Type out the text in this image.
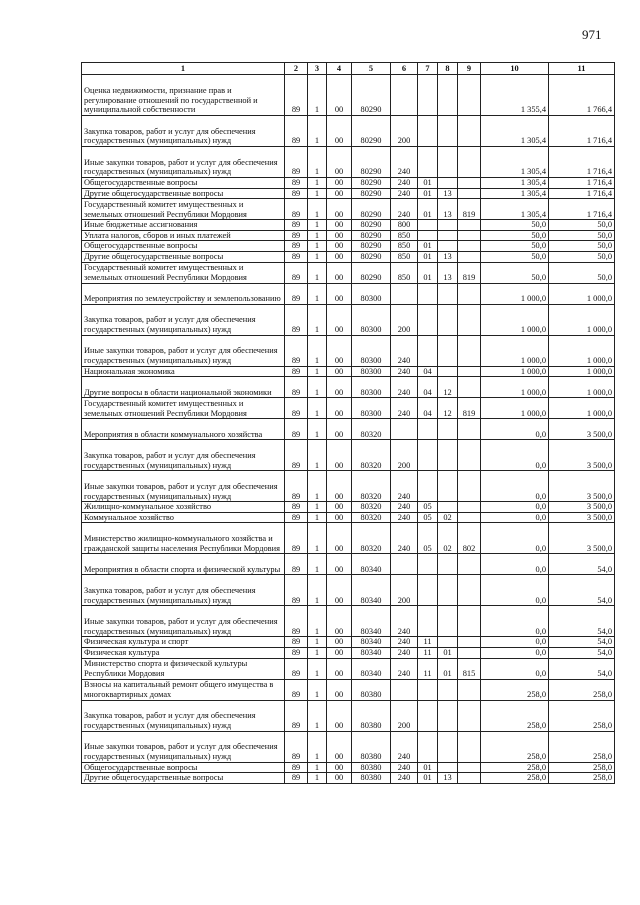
971
1	2	3	4	5	6	7	8	9	10	11
Оценка недвижимости, признание прав и регулирование отношений по государственной и муниципальной собственности	89	1	00	80290					1 355,4	1 766,4
Закупка товаров, работ и услуг для обеспечения государственных (муниципальных) нужд	89	1	00	80290	200				1 305,4	1 716,4
Иные закупки товаров, работ и услуг для обеспечения государственных (муниципальных) нужд	89	1	00	80290	240				1 305,4	1 716,4
Общегосударственные вопросы	89	1	00	80290	240	01			1 305,4	1 716,4
Другие общегосударственные вопросы	89	1	00	80290	240	01	13		1 305,4	1 716,4
Государственный комитет имущественных и земельных отношений Республики Мордовия	89	1	00	80290	240	01	13	819	1 305,4	1 716,4
Иные бюджетные ассигнования	89	1	00	80290	800				50,0	50,0
Уплата налогов, сборов и иных платежей	89	1	00	80290	850				50,0	50,0
Общегосударственные вопросы	89	1	00	80290	850	01			50,0	50,0
Другие общегосударственные вопросы	89	1	00	80290	850	01	13		50,0	50,0
Государственный комитет имущественных и земельных отношений Республики Мордовия	89	1	00	80290	850	01	13	819	50,0	50,0
Мероприятия по землеустройству и землепользованию	89	1	00	80300					1 000,0	1 000,0
Закупка товаров, работ и услуг для обеспечения государственных (муниципальных) нужд	89	1	00	80300	200				1 000,0	1 000,0
Иные закупки товаров, работ и услуг для обеспечения государственных (муниципальных) нужд	89	1	00	80300	240				1 000,0	1 000,0
Национальная экономика	89	1	00	80300	240	04			1 000,0	1 000,0
Другие вопросы в области национальной экономики	89	1	00	80300	240	04	12		1 000,0	1 000,0
Государственный комитет имущественных и земельных отношений Республики Мордовия	89	1	00	80300	240	04	12	819	1 000,0	1 000,0
Мероприятия в области коммунального хозяйства	89	1	00	80320					0,0	3 500,0
Закупка товаров, работ и услуг для обеспечения государственных (муниципальных) нужд	89	1	00	80320	200				0,0	3 500,0
Иные закупки товаров, работ и услуг для обеспечения государственных (муниципальных) нужд	89	1	00	80320	240				0,0	3 500,0
Жилищно-коммунальное хозяйство	89	1	00	80320	240	05			0,0	3 500,0
Коммунальное хозяйство	89	1	00	80320	240	05	02		0,0	3 500,0
Министерство жилищно-коммунального хозяйства и гражданской защиты населения Республики Мордовия	89	1	00	80320	240	05	02	802	0,0	3 500,0
Мероприятия в области спорта и физической культуры	89	1	00	80340					0,0	54,0
Закупка товаров, работ и услуг для обеспечения государственных (муниципальных) нужд	89	1	00	80340	200				0,0	54,0
Иные закупки товаров, работ и услуг для обеспечения государственных (муниципальных) нужд	89	1	00	80340	240				0,0	54,0
Физическая культура и спорт	89	1	00	80340	240	11			0,0	54,0
Физическая культура	89	1	00	80340	240	11	01		0,0	54,0
Министерство спорта и физической культуры Республики Мордовия	89	1	00	80340	240	11	01	815	0,0	54,0
Взносы на капитальный ремонт общего имущества в многоквартирных домах	89	1	00	80380					258,0	258,0
Закупка товаров, работ и услуг для обеспечения государственных (муниципальных) нужд	89	1	00	80380	200				258,0	258,0
Иные закупки товаров, работ и услуг для обеспечения государственных (муниципальных) нужд	89	1	00	80380	240				258,0	258,0
Общегосударственные вопросы	89	1	00	80380	240	01			258,0	258,0
Другие общегосударственные вопросы	89	1	00	80380	240	01	13		258,0	258,0
